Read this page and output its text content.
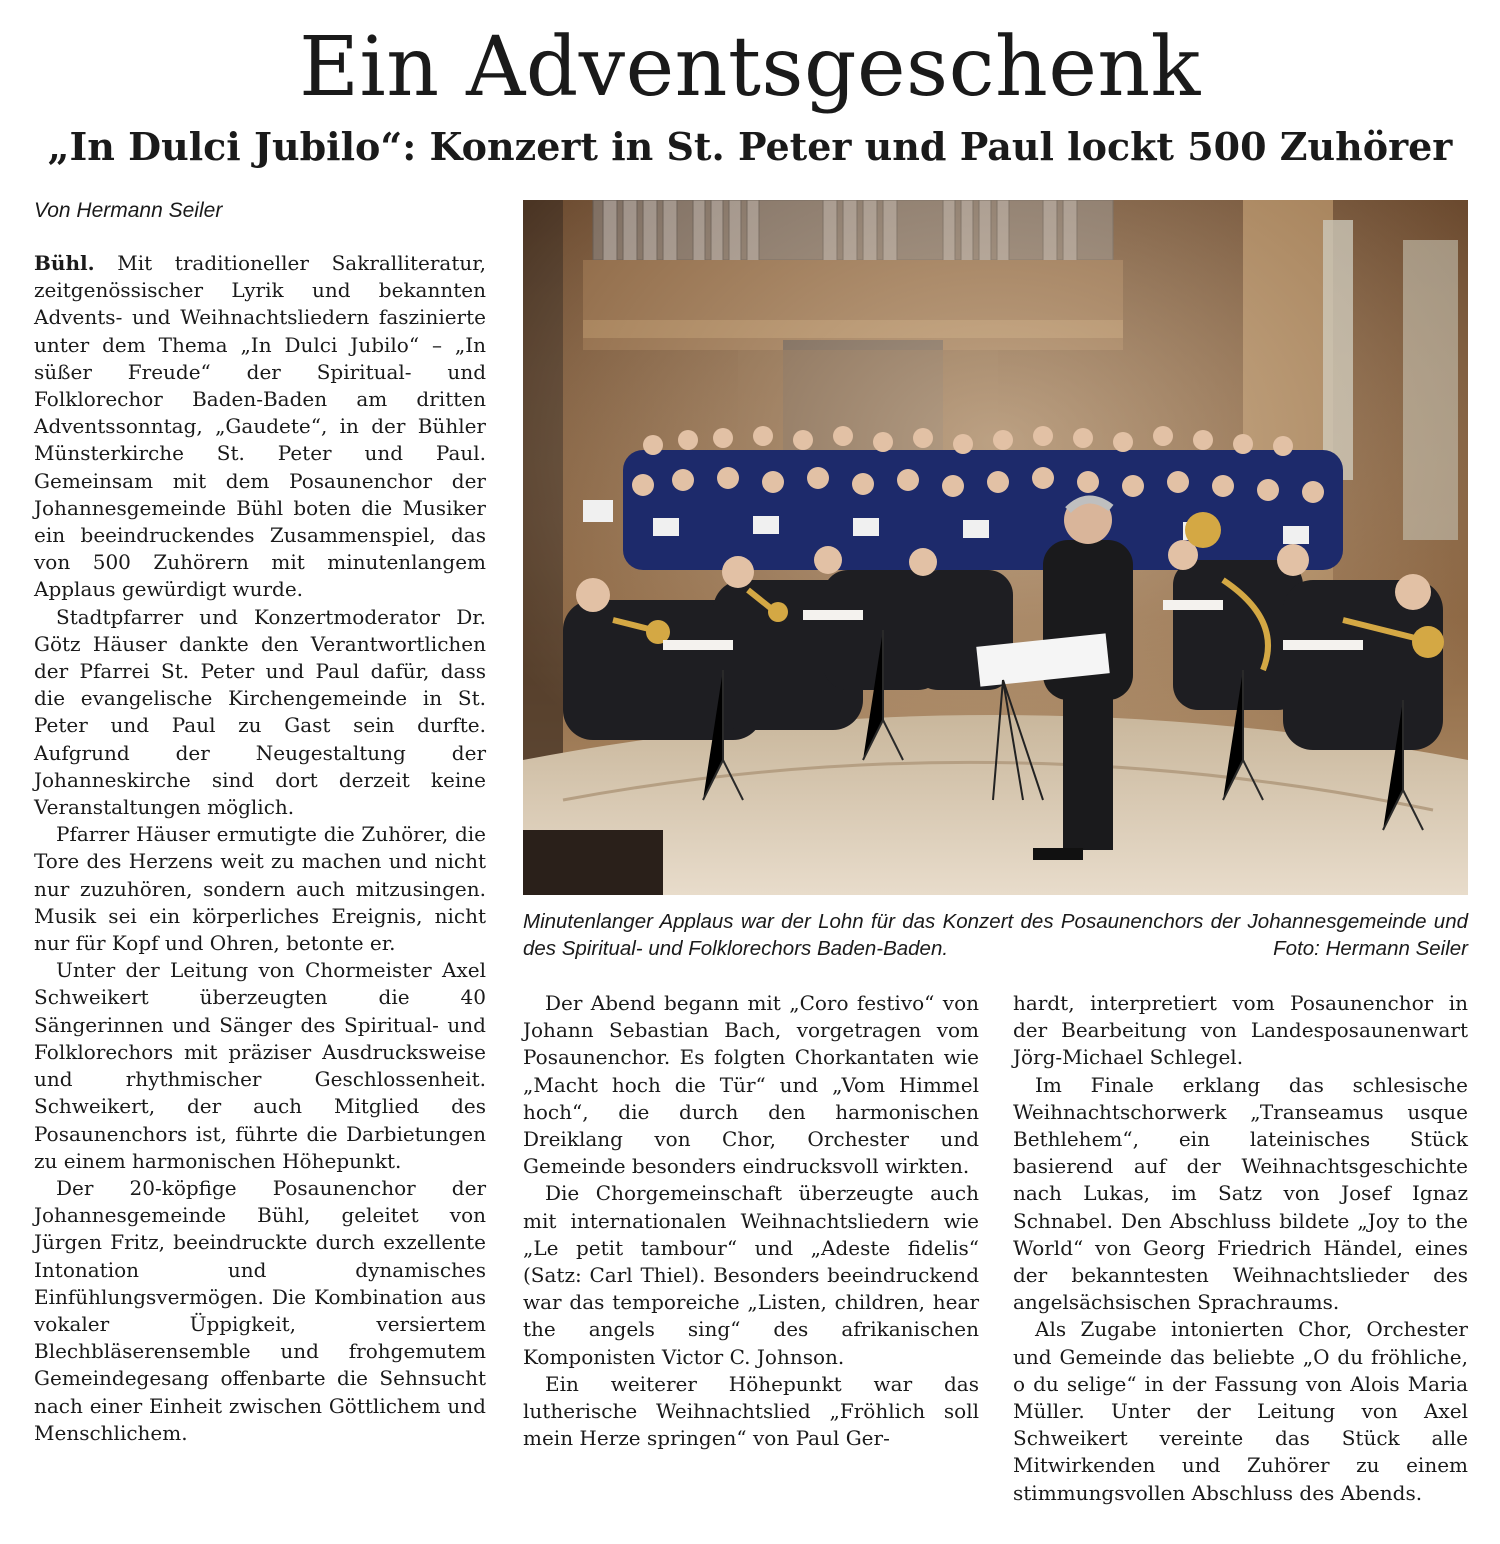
Ein Adventsgeschenk
„In Dulci Jubilo“: Konzert in St. Peter und Paul lockt 500 Zuhörer
Von Hermann Seiler

Bühl. Mit traditioneller Sakralliteratur, zeitgenössischer Lyrik und bekannten Advents- und Weihnachtsliedern faszinierte unter dem Thema „In Dulci Jubilo“ – „In süßer Freude“ der Spiritual- und Folklorechor Baden-Baden am dritten Adventssonntag, „Gaudete“, in der Bühler Münsterkirche St. Peter und Paul. Gemeinsam mit dem Posaunenchor der Johannesgemeinde Bühl boten die Musiker ein beeindruckendes Zusammenspiel, das von 500 Zuhörern mit minutenlangem Applaus gewürdigt wurde.

Stadtpfarrer und Konzertmoderator Dr. Götz Häuser dankte den Verantwortlichen der Pfarrei St. Peter und Paul dafür, dass die evangelische Kirchengemeinde in St. Peter und Paul zu Gast sein durfte. Aufgrund der Neugestaltung der Johanneskirche sind dort derzeit keine Veranstaltungen möglich.

Pfarrer Häuser ermutigte die Zuhörer, die Tore des Herzens weit zu machen und nicht nur zuzuhören, sondern auch mitzusingen. Musik sei ein körperliches Ereignis, nicht nur für Kopf und Ohren, betonte er.

Unter der Leitung von Chormeister Axel Schweikert überzeugten die 40 Sängerinnen und Sänger des Spiritual- und Folklorechors mit präziser Ausdrucksweise und rhythmischer Geschlossenheit. Schweikert, der auch Mitglied des Posaunenchors ist, führte die Darbietungen zu einem harmonischen Höhepunkt.

Der 20-köpfige Posaunenchor der Johannesgemeinde Bühl, geleitet von Jürgen Fritz, beeindruckte durch exzellente Intonation und dynamisches Einfühlungsvermögen. Die Kombination aus vokaler Üppigkeit, versiertem Blechbläserensemble und frohgemutem Gemeindegesang offenbarte die Sehnsucht nach einer Einheit zwischen Göttlichem und Menschlichem.

Minutenlanger Applaus war der Lohn für das Konzert des Posaunenchors der Johannesgemeinde und des Spiritual- und Folklorechors Baden-Baden.	Foto: Hermann Seiler

Der Abend begann mit „Coro festivo“ von Johann Sebastian Bach, vorgetragen vom Posaunenchor. Es folgten Chorkantaten wie „Macht hoch die Tür“ und „Vom Himmel hoch“, die durch den harmonischen Dreiklang von Chor, Orchester und Gemeinde besonders eindrucksvoll wirkten.

Die Chorgemeinschaft überzeugte auch mit internationalen Weihnachtsliedern wie „Le petit tambour“ und „Adeste fidelis“ (Satz: Carl Thiel). Besonders beeindruckend war das temporeiche „Listen, children, hear the angels sing“ des afrikanischen Komponisten Victor C. Johnson.

Ein weiterer Höhepunkt war das lutherische Weihnachtslied „Fröhlich soll mein Herze springen“ von Paul Ger-

hardt, interpretiert vom Posaunenchor in der Bearbeitung von Landesposaunenwart Jörg-Michael Schlegel.

Im Finale erklang das schlesische Weihnachtschorwerk „Transeamus usque Bethlehem“, ein lateinisches Stück basierend auf der Weihnachtsgeschichte nach Lukas, im Satz von Josef Ignaz Schnabel. Den Abschluss bildete „Joy to the World“ von Georg Friedrich Händel, eines der bekanntesten Weihnachtslieder des angelsächsischen Sprachraums.

Als Zugabe intonierten Chor, Orchester und Gemeinde das beliebte „O du fröhliche, o du selige“ in der Fassung von Alois Maria Müller. Unter der Leitung von Axel Schweikert vereinte das Stück alle Mitwirkenden und Zuhörer zu einem stimmungsvollen Abschluss des Abends.
